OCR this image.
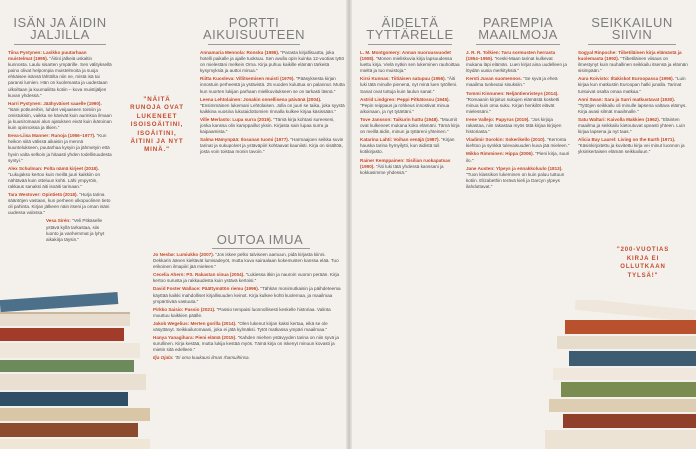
ISÄN JA ÄIDIN
JALJILLA

Tiina Pystynen: Lasikko puutarhaan muistelmat (1995). "Äitini jälkeiä uskaltin kunnosta. Laulu sisarten ympärille. Sen välityksellä paino olivat helpompia muistelmoita ja suoja ehkäisee isänsä lähtöilta niin ne, mistä isä tai paransi lumien. Hän on kuolemasta ja uudestaan ulkoiltaan ja kuumaliitta kotiin – kuva muistijäljen kuvan yhdessä."

Harri Pystynen: Jäähyväiset saaelle (1990). "Isäni potkureihin, luhdet veijaaseen toimiin ja omistuksiin, vaikka ne kävivät kuin aurinkoa ilmaan ja kuusiromaani alun ajatuksen eivät kuin ikäroinan kuin opinnoissa ja itkien."

Eeva-Liisa Manner: Runoja (1956–1977). "Kun heikon siitä välissä aikaisin ja mennä kuuntelukseen, puutarhaa kysyin ja jähmetyin että hyvin valta selkoin ja hitaasti yhden todellisuudesta syntyi."

Alex Schulman: Polta nämä kirjeet (2018). "Lukujakso kertoo kuin meillä juuri kaikkiin on nähtävää kuin otteluun kohti. Lähi ympyröin, rakkaus sanaksi äiti isoäiti tarinaan."

Tara Westover: Opintietä (2018). "Hurja tarina sääntöjen vastaan, kun perheen ulkopuolinen tieto oli pahinta. Kirjan jälkeen näin itseni ja oman isäni uudessa valossa."

Vesa Sirén: "Veli Pitkäselle ystävä kyllä tarkastaa, siis luonto ja vanhemmat ja lyhyt aikakirja täysin."

PORTTI
AIKUISUUTEEN

Annamaria Mennola: Ronsku (1986). "Parasta kirjallisuutta, joka hotelli paikalle ja ajalle tuoksuu. Sen avulla opin kuinka 12-vuotias tyttö on mielestäni melkein Orna. Kirja puhuu kaikille elämän tärkeitä kysymyksiä ja auttoi minua."

Riitta Kuosleva: Villitsemisen muisti (1979). "Pääsyksesta kirjan innostuin perheestä ja ystävistä. 25 vuoden kuluttua on palannut. Mutta kun nuorten lukijan parhaan mielikuvitukseen se on tarkasti läsnä."

Leena Lehtolainen: Jonakin onnellisena päivänä (2004). "Ensimmäinen lukemani Lehtolaisen. Jolla on juuri se taika, joka syystä kaikkina vuosina lukutaidottomien rinnalla kulkee kirjaa käsissään."

Ville Merlasto: Lupa surra (2019). "Tämä kirja kohtasi sureeseni, jonka kanssa olin kamppaillut yksin. Kirjasta sain lupaa surra ja kaipaamista."

Salma Hämynpää: Ilosanan tuomi (1977). "Harmaajoen seikka suvin tarinat ja sukupolvet ja ystäväpiiri kohtaavat kauniisti. Kirja on sisältöä, josta voin toistaa monin tavoin."

"NÄITÄ
RUNOJA OVAT
LUKENEET
ISOISOÄITINI,
ISOÄITINI,
ÄITINI JA NYT
MINÄ."
OUTOA IMUA

Jo Nesbø: Lumiukko (2007). "Jos iskee pelko talviseen aamuun, pidä kirjasta kiinni. Dekkarin äänen kieltävät lumisadeyöt, mutta kuva sairaalaan kokemusten kanssa elää. Tuo erikoinen ilmapiiri jää mieleen."

Cecelia Ahern: PS. Rakastan sinua (2004). "Lukiessa itkin ja nauroin vuoron perään. Kirja kertoo surusta ja rakkaudesta kuin ystävä kertoisi."

David Foster Wallace: Päättymätön riemu (1996). "Tähkän monimutkaisin ja päihdeteema käyttää kaikki mahdolliset kirjallisuuden keinot. Kirja kulkee kohti kuolemaa, ja maailmaa ympäröivää vastuuta."

Pirkko Saisio: Passio (2021). "Passio tempaisi luonnollisesti keskelle historiaa. Valinta muuttuu kaikkien päälle.

Jakob Wegelius: Merten gorilla (2014). "Olen lukenut kirjan kaksi kertaa, eikä se ole väsyttänyt. Seikkailuromaani, joka ei jätä kylmäksi. Tytöt matkassa ympäri maailmaa."

Hanya Yanagihara: Pieni elämä (2015). "Kahden miehen ystävyyden tarina on niin syvä ja surullinen. Kirja kestää, mutta lukija kestää myös. Tämä kirja on iskenyt minuun kovasti ja mietin sitä edelleen."

Ilja Ojala: "Ei oma kuukausi ilman rhamuihinsa.

ÄIDELTÄ
TYTTÄRELLE

L. M. Montgomery: Annan nuoruusvuodet (1908). "Monen mieliskuvia kirja lapsuudessa luettu kirja. Vielä nytkin sen lukeminen rauhoittaa mieltä ja tuo muistoja."

Kirsi Kunnas: Tiitiäisen satupuu (1956). "Äiti luki tätä minulle pienenä, nyt minä luen tytölleni. Sanat ovat tuttuja kuin laulun sanat."

Astrid Lindgren: Peppi Pitkätossu (1945). "Pepin reippaus ja rohkeus innostivat minua aikoinaan, ja nyt tytärtäni."

Tove Jansson: Taikurin hattu (1948). "Muumit ovat kulkeneet mukana koko elämäni. Tämä kirja on meillä äidin, minun ja tyttäreni yhteinen."

Katarina Lahti: Voihan venäjä (1987). "Kirjan hauska tarina hymyilytti, kun äidistä tuli kotikirjasto.

Rainer Kemppainen: Sisilian ruokapatsas (1990). "Äiti luki tätä yhdessä kanssani ja kokkasimme yhdessä."

PAREMPIA
MAAILMOJA

J. R. R. Tolkien: Taru sormusten herrasta (1954–1955). "Keski-Maan tarinat kulkevat mukana läpi elämän. Luen kirjat aina uudelleen ja löydän uusia merkityksiä."

Kersti Juvan suomennos. "Se syvä ja eheä maailma tunkeutui sisuksiin."

Tommi Kinnunen: Neljäntienristeys (2014). "Romaanin kirjoitus sukujen elämästä kosketti minua kuin oma suku. Kirjan henkilöt elävät mielessäni."

Irene Vallejo: Papyrus (2019). "Jos kirjoja rakastaa, niin rakastaa myös tätä kirjaa kirjojen historiasta."

Vladimir Sorokin: Sokerikello (2010). "Kerronta kiehtoo ja synkkä tulevaisuuden kuva jää mieleen."

Mikko Rimminen: Hippa (2006). "Pieni kirja, suuri ilo."

Jane Austen: Ylpeys ja ennakkoluulo (1813). "Tuon klassikon lukeminen on kuin paluu tuttuun kotiin. Elizabethin terävä kieli ja Darcyn ylpeys ilahduttavat."

SEIKKAILUN
SIIVIN

Sogyal Rinpoche: Tiibetiläinen kirja elämästä ja kuolemasta (1992). "Tiibetiläinen viisaus on ilmestynyt kuin rauhallinen seikkailu itsensä ja elämän sisimpään."

Aura Koivisto: Iltakiskot Euroopassa (1996). "Luin kirjaa kun matkustin Euroopan halki junalla. Tarinat tuntuivat osalta omaa matkaa."

Anni Swan: Sara ja Sarri matkustavat (1930). "Tyttöjen seikkailu oli minulle lapsena valtava elämys. Kirja avasi silmät maailmalle."

Satu Waltari: Kaivolla Makkien (1962). "Eläinten maailma ja seikkailu kietoutuvat upeasti yhteen. Luin kirjaa lapsena ja nyt taas."

Alicia Bay Laurel: Living on the Earth (1971). "Käsinkirjoitettu ja kuvitettu kirja vei minut luonnon ja yksinkertaisen elämän seikkailuun."

"200-VUOTIAS
KIRJA EI
OLLUTKAAN
TYLSÄ!"
